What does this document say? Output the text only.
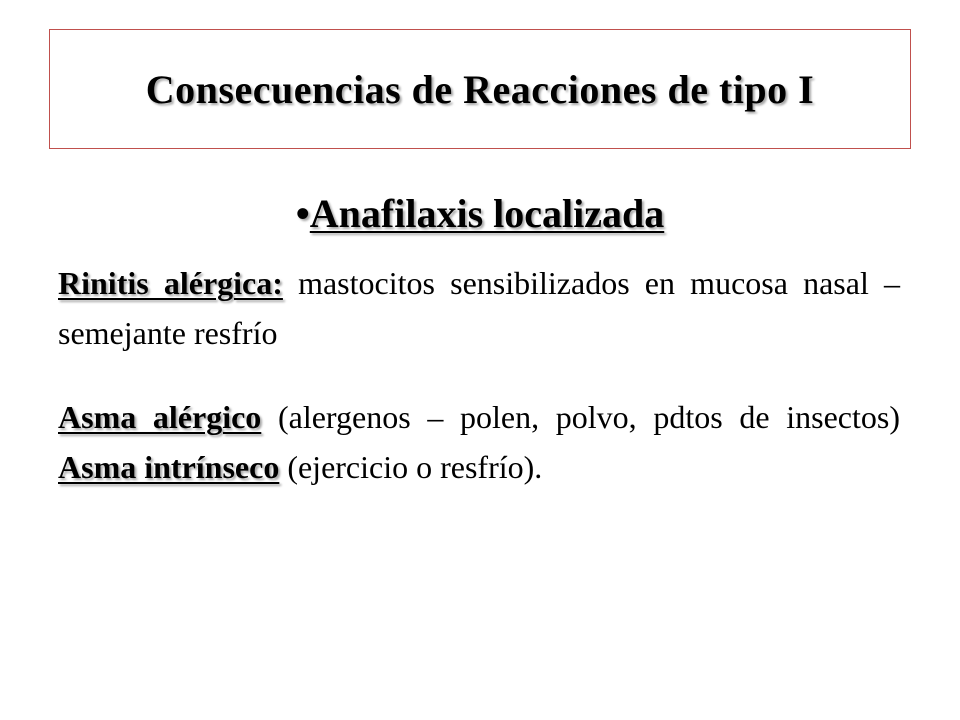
Consecuencias de Reacciones de tipo I
•Anafilaxis localizada

Rinitis alérgica: mastocitos sensibilizados en mucosa nasal – semejante resfrío

Asma alérgico (alergenos – polen, polvo, pdtos de insectos) Asma intrínseco (ejercicio o resfrío).
